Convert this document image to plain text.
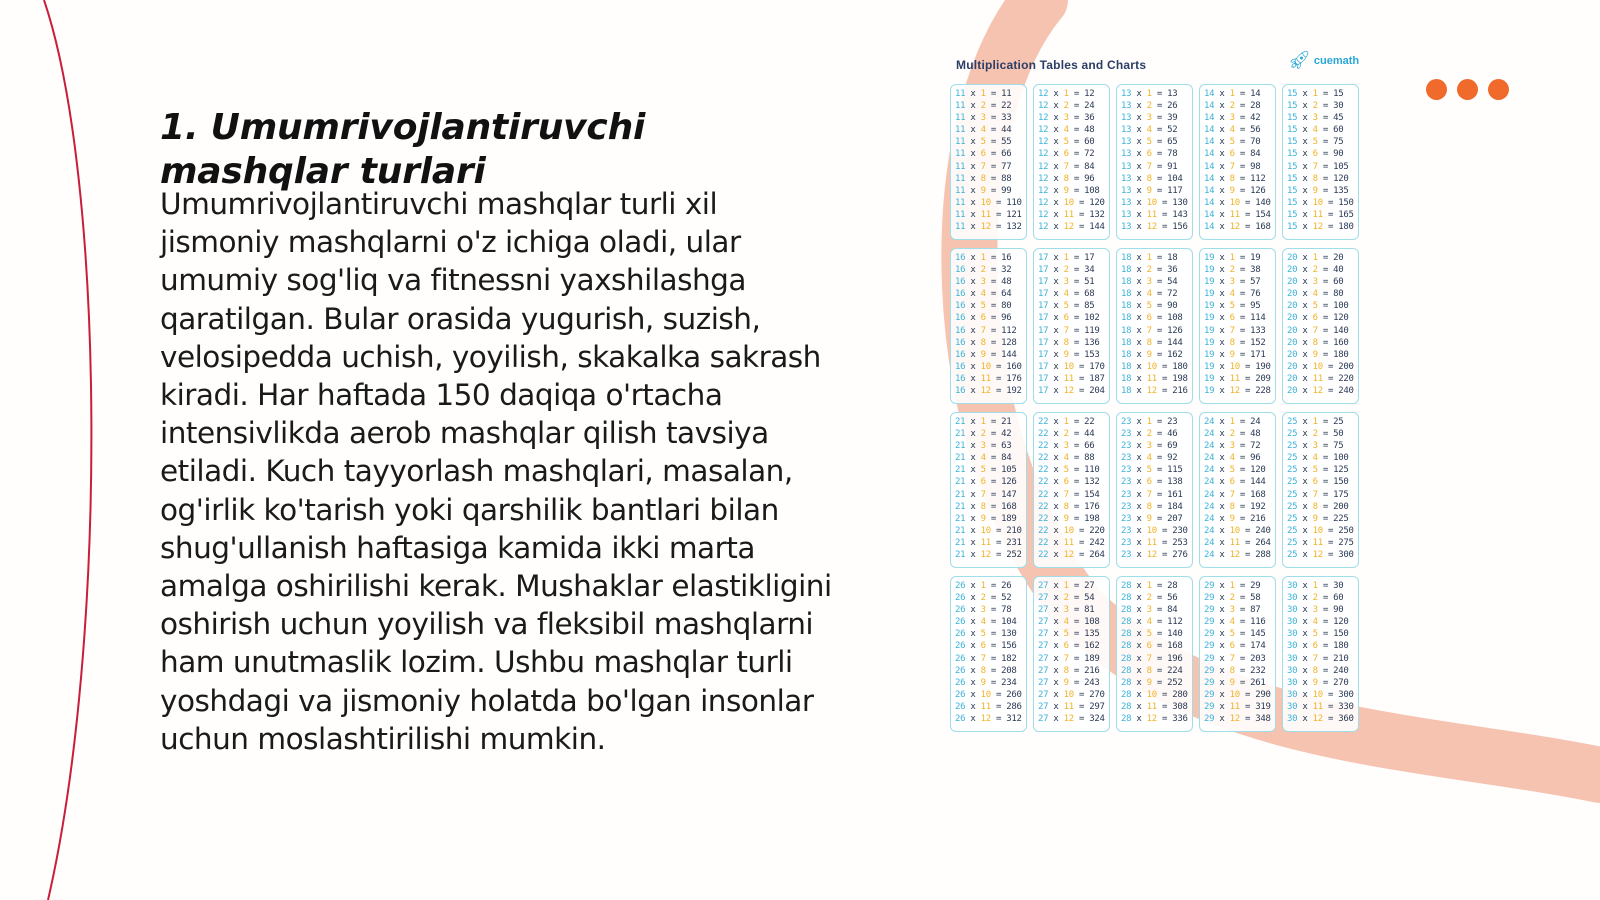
1. Umumrivojlantiruvchi mashqlar turlari

Umumrivojlantiruvchi mashqlar turli xil jismoniy mashqlarni o'z ichiga oladi, ular umumiy sog'liq va fitnessni yaxshilashga qaratilgan. Bular orasida yugurish, suzish, velosipedda uchish, yoyilish, skakalka sakrash kiradi. Har haftada 150 daqiqa o'rtacha intensivlikda aerob mashqlar qilish tavsiya etiladi. Kuch tayyorlash mashqlari, masalan, og'irlik ko'tarish yoki qarshilik bantlari bilan shug'ullanish haftasiga kamida ikki marta amalga oshirilishi kerak. Mushaklar elastikligini oshirish uchun yoyilish va fleksibil mashqlarni ham unutmaslik lozim. Ushbu mashqlar turli yoshdagi va jismoniy holatda bo'lgan insonlar uchun moslashtirilishi mumkin.

Multiplication Tables and Charts	🚀︎ cuemath
11 x 1 = 11
11 x 2 = 22
11 x 3 = 33
11 x 4 = 44
11 x 5 = 55
11 x 6 = 66
11 x 7 = 77
11 x 8 = 88
11 x 9 = 99
11 x 10 = 110
11 x 11 = 121
11 x 12 = 132
12 x 1 = 12
12 x 2 = 24
12 x 3 = 36
12 x 4 = 48
12 x 5 = 60
12 x 6 = 72
12 x 7 = 84
12 x 8 = 96
12 x 9 = 108
12 x 10 = 120
12 x 11 = 132
12 x 12 = 144
13 x 1 = 13
13 x 2 = 26
13 x 3 = 39
13 x 4 = 52
13 x 5 = 65
13 x 6 = 78
13 x 7 = 91
13 x 8 = 104
13 x 9 = 117
13 x 10 = 130
13 x 11 = 143
13 x 12 = 156
14 x 1 = 14
14 x 2 = 28
14 x 3 = 42
14 x 4 = 56
14 x 5 = 70
14 x 6 = 84
14 x 7 = 98
14 x 8 = 112
14 x 9 = 126
14 x 10 = 140
14 x 11 = 154
14 x 12 = 168
15 x 1 = 15
15 x 2 = 30
15 x 3 = 45
15 x 4 = 60
15 x 5 = 75
15 x 6 = 90
15 x 7 = 105
15 x 8 = 120
15 x 9 = 135
15 x 10 = 150
15 x 11 = 165
15 x 12 = 180
16 x 1 = 16
16 x 2 = 32
16 x 3 = 48
16 x 4 = 64
16 x 5 = 80
16 x 6 = 96
16 x 7 = 112
16 x 8 = 128
16 x 9 = 144
16 x 10 = 160
16 x 11 = 176
16 x 12 = 192
17 x 1 = 17
17 x 2 = 34
17 x 3 = 51
17 x 4 = 68
17 x 5 = 85
17 x 6 = 102
17 x 7 = 119
17 x 8 = 136
17 x 9 = 153
17 x 10 = 170
17 x 11 = 187
17 x 12 = 204
18 x 1 = 18
18 x 2 = 36
18 x 3 = 54
18 x 4 = 72
18 x 5 = 90
18 x 6 = 108
18 x 7 = 126
18 x 8 = 144
18 x 9 = 162
18 x 10 = 180
18 x 11 = 198
18 x 12 = 216
19 x 1 = 19
19 x 2 = 38
19 x 3 = 57
19 x 4 = 76
19 x 5 = 95
19 x 6 = 114
19 x 7 = 133
19 x 8 = 152
19 x 9 = 171
19 x 10 = 190
19 x 11 = 209
19 x 12 = 228
20 x 1 = 20
20 x 2 = 40
20 x 3 = 60
20 x 4 = 80
20 x 5 = 100
20 x 6 = 120
20 x 7 = 140
20 x 8 = 160
20 x 9 = 180
20 x 10 = 200
20 x 11 = 220
20 x 12 = 240
21 x 1 = 21
21 x 2 = 42
21 x 3 = 63
21 x 4 = 84
21 x 5 = 105
21 x 6 = 126
21 x 7 = 147
21 x 8 = 168
21 x 9 = 189
21 x 10 = 210
21 x 11 = 231
21 x 12 = 252
22 x 1 = 22
22 x 2 = 44
22 x 3 = 66
22 x 4 = 88
22 x 5 = 110
22 x 6 = 132
22 x 7 = 154
22 x 8 = 176
22 x 9 = 198
22 x 10 = 220
22 x 11 = 242
22 x 12 = 264
23 x 1 = 23
23 x 2 = 46
23 x 3 = 69
23 x 4 = 92
23 x 5 = 115
23 x 6 = 138
23 x 7 = 161
23 x 8 = 184
23 x 9 = 207
23 x 10 = 230
23 x 11 = 253
23 x 12 = 276
24 x 1 = 24
24 x 2 = 48
24 x 3 = 72
24 x 4 = 96
24 x 5 = 120
24 x 6 = 144
24 x 7 = 168
24 x 8 = 192
24 x 9 = 216
24 x 10 = 240
24 x 11 = 264
24 x 12 = 288
25 x 1 = 25
25 x 2 = 50
25 x 3 = 75
25 x 4 = 100
25 x 5 = 125
25 x 6 = 150
25 x 7 = 175
25 x 8 = 200
25 x 9 = 225
25 x 10 = 250
25 x 11 = 275
25 x 12 = 300
26 x 1 = 26
26 x 2 = 52
26 x 3 = 78
26 x 4 = 104
26 x 5 = 130
26 x 6 = 156
26 x 7 = 182
26 x 8 = 208
26 x 9 = 234
26 x 10 = 260
26 x 11 = 286
26 x 12 = 312
27 x 1 = 27
27 x 2 = 54
27 x 3 = 81
27 x 4 = 108
27 x 5 = 135
27 x 6 = 162
27 x 7 = 189
27 x 8 = 216
27 x 9 = 243
27 x 10 = 270
27 x 11 = 297
27 x 12 = 324
28 x 1 = 28
28 x 2 = 56
28 x 3 = 84
28 x 4 = 112
28 x 5 = 140
28 x 6 = 168
28 x 7 = 196
28 x 8 = 224
28 x 9 = 252
28 x 10 = 280
28 x 11 = 308
28 x 12 = 336
29 x 1 = 29
29 x 2 = 58
29 x 3 = 87
29 x 4 = 116
29 x 5 = 145
29 x 6 = 174
29 x 7 = 203
29 x 8 = 232
29 x 9 = 261
29 x 10 = 290
29 x 11 = 319
29 x 12 = 348
30 x 1 = 30
30 x 2 = 60
30 x 3 = 90
30 x 4 = 120
30 x 5 = 150
30 x 6 = 180
30 x 7 = 210
30 x 8 = 240
30 x 9 = 270
30 x 10 = 300
30 x 11 = 330
30 x 12 = 360
